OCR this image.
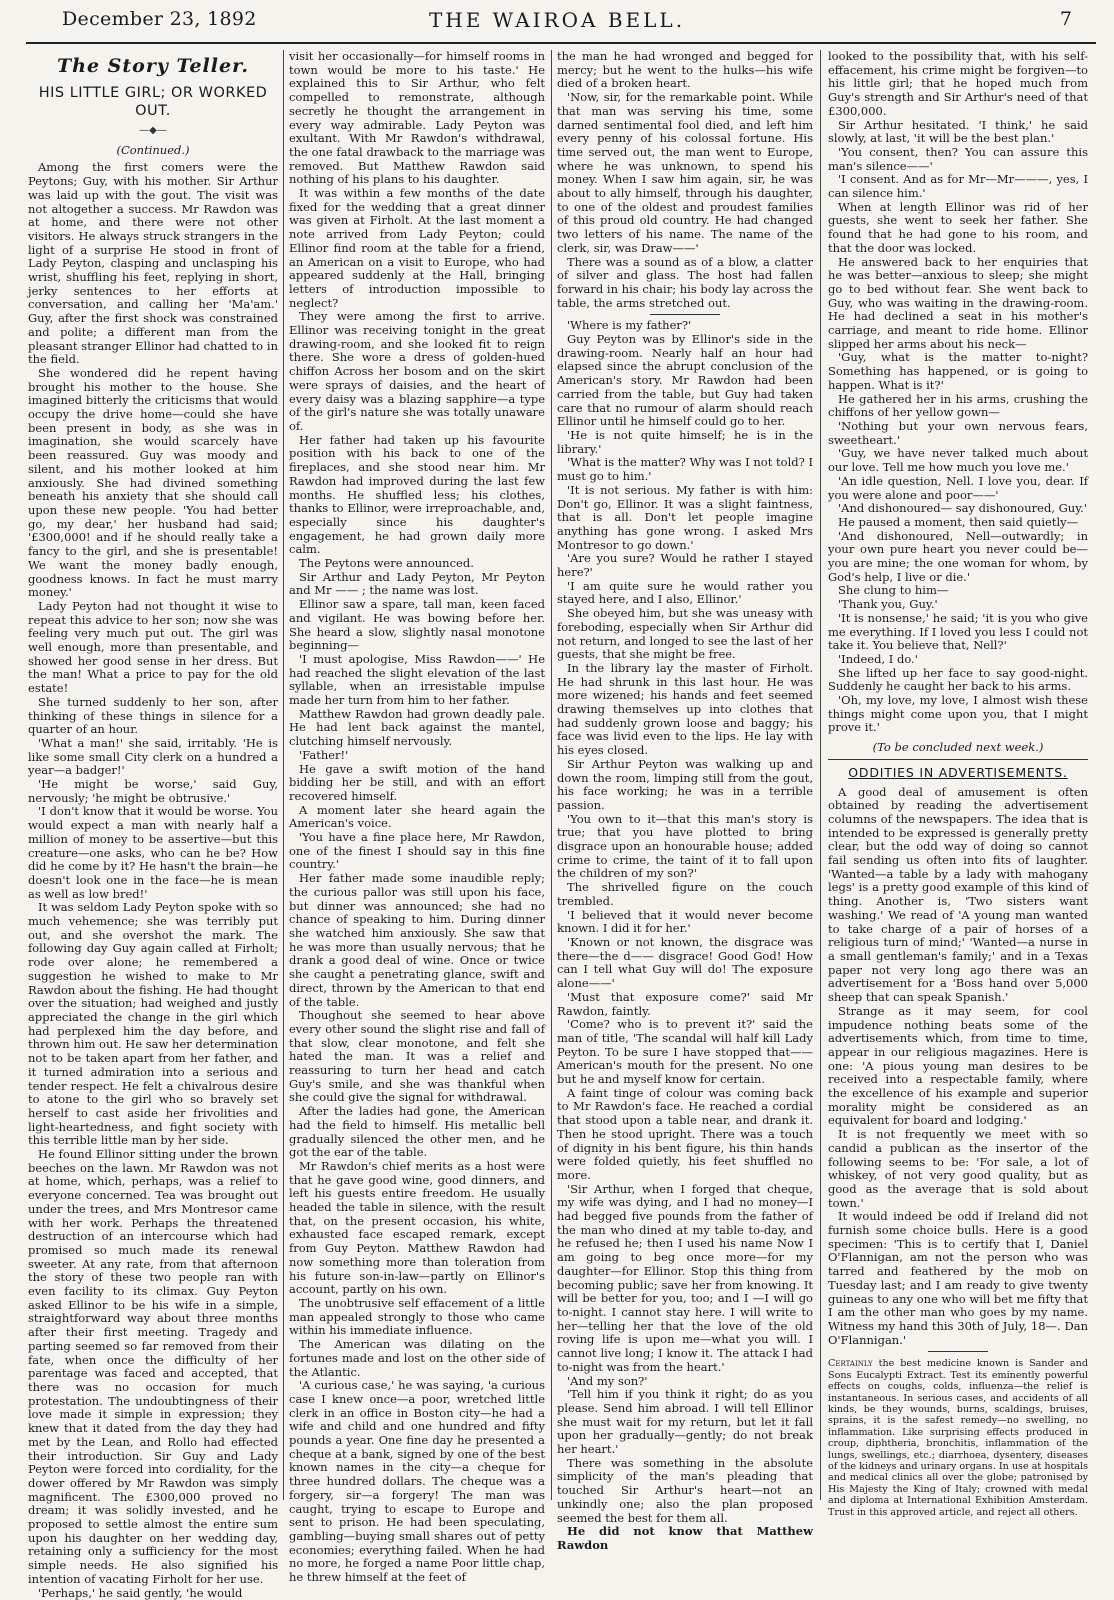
December 23, 1892	THE WAIROA BELL.	7
The Story Teller.
HIS LITTLE GIRL; OR WORKED OUT.
—◆—
(Continued.)

Among the first comers were the Peytons; Guy, with his mother. Sir Arthur was laid up with the gout. The visit was not altogether a success. Mr Rawdon was at home, and there were not other visitors. He always struck strangers in the light of a surprise He stood in front of Lady Peyton, clasping and unclasping his wrist, shuffling his feet, replying in short, jerky sentences to her efforts at conversation, and calling her 'Ma'am.' Guy, after the first shock was constrained and polite; a different man from the pleasant stranger Ellinor had chatted to in the field.

She wondered did he repent having brought his mother to the house. She imagined bitterly the criticisms that would occupy the drive home—could she have been present in body, as she was in imagination, she would scarcely have been reassured. Guy was moody and silent, and his mother looked at him anxiously. She had divined something beneath his anxiety that she should call upon these new people. 'You had better go, my dear,' her husband had said; '£300,000! and if he should really take a fancy to the girl, and she is presentable! We want the money badly enough, goodness knows. In fact he must marry money.'

Lady Peyton had not thought it wise to repeat this advice to her son; now she was feeling very much put out. The girl was well enough, more than presentable, and showed her good sense in her dress. But the man! What a price to pay for the old estate!

She turned suddenly to her son, after thinking of these things in silence for a quarter of an hour.

'What a man!' she said, irritably. 'He is like some small City clerk on a hundred a year—a badger!'

'He might be worse,' said Guy, nervously; 'he might be obtrusive.'

'I don't know that it would be worse. You would expect a man with nearly half a million of money to be assertive—but this creature—one asks, who can he be? How did he come by it? He hasn't the brain—he doesn't look one in the face—he is mean as well as low bred!'

It was seldom Lady Peyton spoke with so much vehemence; she was terribly put out, and she overshot the mark. The following day Guy again called at Firholt; rode over alone; he remembered a suggestion he wished to make to Mr Rawdon about the fishing. He had thought over the situation; had weighed and justly appreciated the change in the girl which had perplexed him the day before, and thrown him out. He saw her determination not to be taken apart from her father, and it turned admiration into a serious and tender respect. He felt a chivalrous desire to atone to the girl who so bravely set herself to cast aside her frivolities and light-heartedness, and fight society with this terrible little man by her side.

He found Ellinor sitting under the brown beeches on the lawn. Mr Rawdon was not at home, which, perhaps, was a relief to everyone concerned. Tea was brought out under the trees, and Mrs Montresor came with her work. Perhaps the threatened destruction of an intercourse which had promised so much made its renewal sweeter. At any rate, from that afternoon the story of these two people ran with even facility to its climax. Guy Peyton asked Ellinor to be his wife in a simple, straightforward way about three months after their first meeting. Tragedy and parting seemed so far removed from their fate, when once the difficulty of her parentage was faced and accepted, that there was no occasion for much protestation. The undoubtingness of their love made it simple in expression; they knew that it dated from the day they had met by the Lean, and Rollo had effected their introduction. Sir Guy and Lady Peyton were forced into cordiality, for the dower offered by Mr Rawdon was simply magnificent. The £300,000 proved no dream; it was solidly invested, and he proposed to settle almost the entire sum upon his daughter on her wedding day, retaining only a sufficiency for the most simple needs. He also signified his intention of vacating Firholt for her use.

'Perhaps,' he said gently, 'he would

visit her occasionally—for himself rooms in town would be more to his taste.' He explained this to Sir Arthur, who felt compelled to remonstrate, although secretly he thought the arrangement in every way admirable. Lady Peyton was exultant. With Mr Rawdon's withdrawal, the one fatal drawback to the marriage was removed. But Matthew Rawdon said nothing of his plans to his daughter.

It was within a few months of the date fixed for the wedding that a great dinner was given at Firholt. At the last moment a note arrived from Lady Peyton; could Ellinor find room at the table for a friend, an American on a visit to Europe, who had appeared suddenly at the Hall, bringing letters of introduction impossible to neglect?

They were among the first to arrive. Ellinor was receiving tonight in the great drawing-room, and she looked fit to reign there. She wore a dress of golden-hued chiffon Across her bosom and on the skirt were sprays of daisies, and the heart of every daisy was a blazing sapphire—a type of the girl's nature she was totally unaware of.

Her father had taken up his favourite position with his back to one of the fireplaces, and she stood near him. Mr Rawdon had improved during the last few months. He shuffled less; his clothes, thanks to Ellinor, were irreproachable, and, especially since his daughter's engagement, he had grown daily more calm.

The Peytons were announced.

Sir Arthur and Lady Peyton, Mr Peyton and Mr —— ; the name was lost.

Ellinor saw a spare, tall man, keen faced and vigilant. He was bowing before her. She heard a slow, slightly nasal monotone beginning—

'I must apologise, Miss Rawdon——' He had reached the slight elevation of the last syllable, when an irresistable impulse made her turn from him to her father.

Matthew Rawdon had grown deadly pale. He had lent back against the mantel, clutching himself nervously.

'Father!'

He gave a swift motion of the hand bidding her be still, and with an effort recovered himself.

A moment later she heard again the American's voice.

'You have a fine place here, Mr Rawdon, one of the finest I should say in this fine country.'

Her father made some inaudible reply; the curious pallor was still upon his face, but dinner was announced; she had no chance of speaking to him. During dinner she watched him anxiously. She saw that he was more than usually nervous; that he drank a good deal of wine. Once or twice she caught a penetrating glance, swift and direct, thrown by the American to that end of the table.

Thoughout she seemed to hear above every other sound the slight rise and fall of that slow, clear monotone, and felt she hated the man. It was a relief and reassuring to turn her head and catch Guy's smile, and she was thankful when she could give the signal for withdrawal.

After the ladies had gone, the American had the field to himself. His metallic bell gradually silenced the other men, and he got the ear of the table.

Mr Rawdon's chief merits as a host were that he gave good wine, good dinners, and left his guests entire freedom. He usually headed the table in silence, with the result that, on the present occasion, his white, exhausted face escaped remark, except from Guy Peyton. Matthew Rawdon had now something more than toleration from his future son-in-law—partly on Ellinor's account, partly on his own.

The unobtrusive self effacement of a little man appealed strongly to those who came within his immediate influence.

The American was dilating on the fortunes made and lost on the other side of the Atlantic.

'A curious case,' he was saying, 'a curious case I knew once—a poor, wretched little clerk in an office in Boston city—he had a wife and child and one hundred and fifty pounds a year. One fine day he presented a cheque at a bank, signed by one of the best known names in the city—a cheque for three hundred dollars. The cheque was a forgery, sir—a forgery! The man was caught, trying to escape to Europe and sent to prison. He had been speculating, gambling—buying small shares out of petty economies; everything failed. When he had no more, he forged a name Poor little chap, he threw himself at the feet of

the man he had wronged and begged for mercy; but he went to the hulks—his wife died of a broken heart.

'Now, sir, for the remarkable point. While that man was serving his time, some darned sentimental fool died, and left him every penny of his colossal fortune. His time served out, the man went to Europe, where he was unknown, to spend his money. When I saw him again, sir, he was about to ally himself, through his daughter, to one of the oldest and proudest families of this proud old country. He had changed two letters of his name. The name of the clerk, sir, was Draw——'

There was a sound as of a blow, a clatter of silver and glass. The host had fallen forward in his chair; his body lay across the table, the arms stretched out.

'Where is my father?'

Guy Peyton was by Ellinor's side in the drawing-room. Nearly half an hour had elapsed since the abrupt conclusion of the American's story. Mr Rawdon had been carried from the table, but Guy had taken care that no rumour of alarm should reach Ellinor until he himself could go to her.

'He is not quite himself; he is in the library.'

'What is the matter? Why was I not told? I must go to him.'

'It is not serious. My father is with him: Don't go, Ellinor. It was a slight faintness, that is all. Don't let people imagine anything has gone wrong. I asked Mrs Montresor to go down.'

'Are you sure? Would he rather I stayed here?'

'I am quite sure he would rather you stayed here, and I also, Ellinor.'

She obeyed him, but she was uneasy with foreboding, especially when Sir Arthur did not return, and longed to see the last of her guests, that she might be free.

In the library lay the master of Firholt. He had shrunk in this last hour. He was more wizened; his hands and feet seemed drawing themselves up into clothes that had suddenly grown loose and baggy; his face was livid even to the lips. He lay with his eyes closed.

Sir Arthur Peyton was walking up and down the room, limping still from the gout, his face working; he was in a terrible passion.

'You own to it—that this man's story is true; that you have plotted to bring disgrace upon an honourable house; added crime to crime, the taint of it to fall upon the children of my son?'

The shrivelled figure on the couch trembled.

'I believed that it would never become known. I did it for her.'

'Known or not known, the disgrace was there—the d—— disgrace! Good God! How can I tell what Guy will do! The exposure alone——'

'Must that exposure come?' said Mr Rawdon, faintly.

'Come? who is to prevent it?' said the man of title, 'The scandal will half kill Lady Peyton. To be sure I have stopped that—— American's mouth for the present. No one but he and myself know for certain.

A faint tinge of colour was coming back to Mr Rawdon's face. He reached a cordial that stood upon a table near, and drank it. Then he stood upright. There was a touch of dignity in his bent figure, his thin hands were folded quietly, his feet shuffled no more.

'Sir Arthur, when I forged that cheque, my wife was dying, and I had no money—I had begged five pounds from the father of the man who dined at my table to-day, and he refused he; then I used his name Now I am going to beg once more—for my daughter—for Ellinor. Stop this thing from becoming public; save her from knowing. It will be better for you, too; and I —I will go to-night. I cannot stay here. I will write to her—telling her that the love of the old roving life is upon me—what you will. I cannot live long; I know it. The attack I had to-night was from the heart.'

'And my son?'

'Tell him if you think it right; do as you please. Send him abroad. I will tell Ellinor she must wait for my return, but let it fall upon her gradually—gently; do not break her heart.'

There was something in the absolute simplicity of the man's pleading that touched Sir Arthur's heart—not an unkindly one; also the plan proposed seemed the best for them all.

He did not know that Matthew Rawdon

looked to the possibility that, with his self-effacement, his crime might be forgiven—to his little girl; that he hoped much from Guy's strength and Sir Arthur's need of that £300,000.

Sir Arthur hesitated. 'I think,' he said slowly, at last, 'it will be the best plan.'

'You consent, then? You can assure this man's silence——'

'I consent. And as for Mr—Mr———, yes, I can silence him.'

When at length Ellinor was rid of her guests, she went to seek her father. She found that he had gone to his room, and that the door was locked.

He answered back to her enquiries that he was better—anxious to sleep; she might go to bed without fear. She went back to Guy, who was waiting in the drawing-room. He had declined a seat in his mother's carriage, and meant to ride home. Ellinor slipped her arms about his neck—

'Guy, what is the matter to-night? Something has happened, or is going to happen. What is it?'

He gathered her in his arms, crushing the chiffons of her yellow gown—

'Nothing but your own nervous fears, sweetheart.'

'Guy, we have never talked much about our love. Tell me how much you love me.'

'An idle question, Nell. I love you, dear. If you were alone and poor——'

'And dishonoured— say dishonoured, Guy.'

He paused a moment, then said quietly—

'And dishonoured, Nell—outwardly; in your own pure heart you never could be—you are mine; the one woman for whom, by God's help, I live or die.'

She clung to him—

'Thank you, Guy.'

'It is nonsense,' he said; 'it is you who give me everything. If I loved you less I could not take it. You believe that, Nell?'

'Indeed, I do.'

She lifted up her face to say good-night. Suddenly he caught her back to his arms.

'Oh, my love, my love, I almost wish these things might come upon you, that I might prove it.'

(To be concluded next week.)
ODDITIES IN ADVERTISEMENTS.

A good deal of amusement is often obtained by reading the advertisement columns of the newspapers. The idea that is intended to be expressed is generally pretty clear, but the odd way of doing so cannot fail sending us often into fits of laughter. 'Wanted—a table by a lady with mahogany legs' is a pretty good example of this kind of thing. Another is, 'Two sisters want washing.' We read of 'A young man wanted to take charge of a pair of horses of a religious turn of mind;' 'Wanted—a nurse in a small gentleman's family;' and in a Texas paper not very long ago there was an advertisement for a 'Boss hand over 5,000 sheep that can speak Spanish.'

Strange as it may seem, for cool impudence nothing beats some of the advertisements which, from time to time, appear in our religious magazines. Here is one: 'A pious young man desires to be received into a respectable family, where the excellence of his example and superior morality might be considered as an equivalent for board and lodging.'

It is not frequently we meet with so candid a publican as the insertor of the following seems to be: 'For sale, a lot of whiskey, of not very good quality, but as good as the average that is sold about town.'

It would indeed be odd if Ireland did not furnish some choice bulls. Here is a good specimen: 'This is to certify that I, Daniel O'Flannigan, am not the person who was tarred and feathered by the mob on Tuesday last; and I am ready to give twenty guineas to any one who will bet me fifty that I am the other man who goes by my name. Witness my hand this 30th of July, 18—. Dan O'Flannigan.'

Certainly the best medicine known is Sander and Sons Eucalypti Extract. Test its eminently powerful effects on coughs, colds, influenza—the relief is instantaneous. In serious cases, and accidents of all kinds, be they wounds, burns, scaldings, bruises, sprains, it is the safest remedy—no swelling, no inflammation. Like surprising effects produced in croup, diphtheria, bronchitis, inflammation of the lungs, swellings, etc.; diarrhoea, dysentery, diseases of the kidneys and urinary organs. In use at hospitals and medical clinics all over the globe; patronised by His Majesty the King of Italy; crowned with medal and diploma at International Exhibition Amsterdam. Trust in this approved article, and reject all others.
